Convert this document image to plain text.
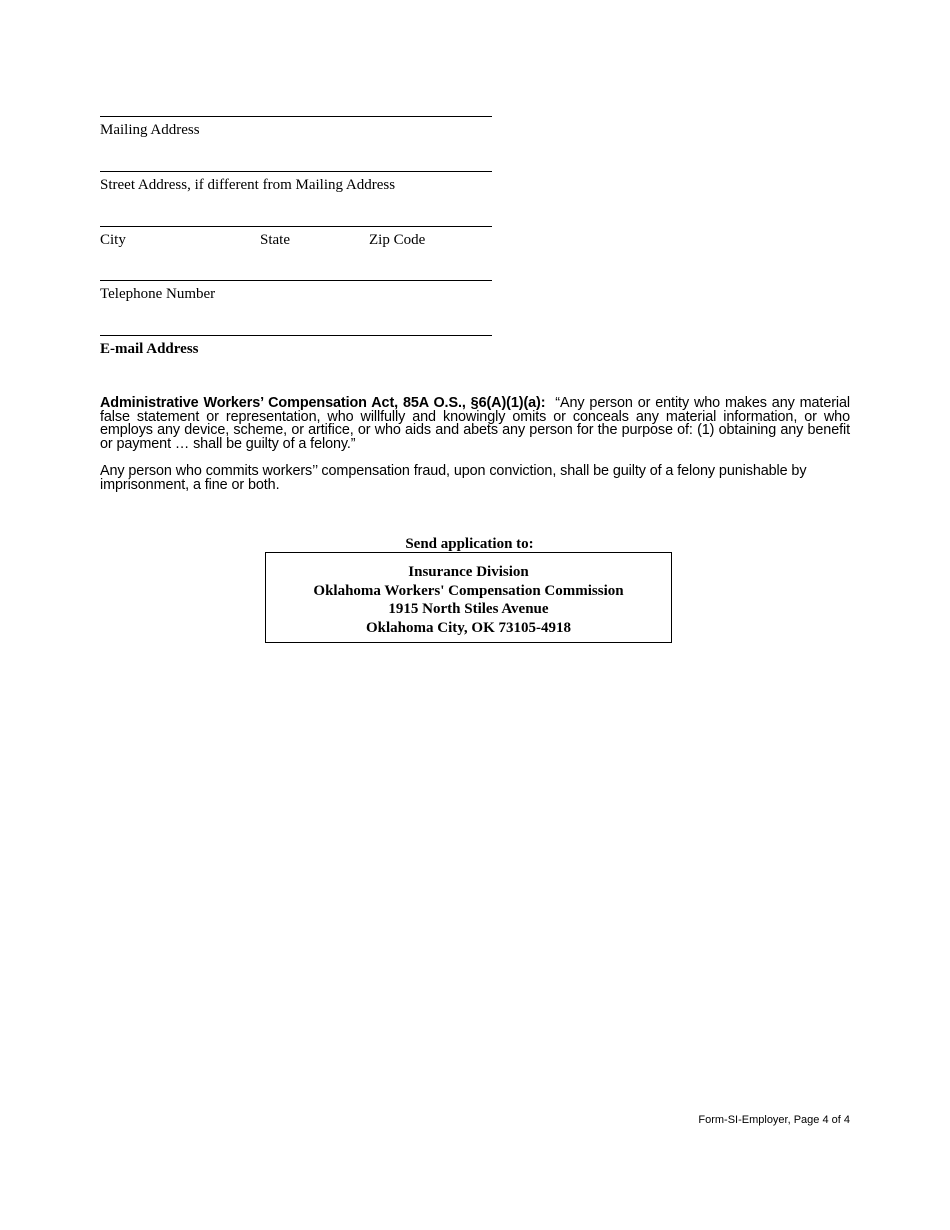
Mailing Address
Street Address, if different from Mailing Address
City	State	Zip Code
Telephone Number
E-mail Address
Administrative Workers’ Compensation Act, 85A O.S., §6(A)(1)(a): “Any person or entity who makes any material false statement or representation, who willfully and knowingly omits or conceals any material information, or who employs any device, scheme, or artifice, or who aids and abets any person for the purpose of: (1) obtaining any benefit or payment … shall be guilty of a felony.”
Any person who commits workers’’ compensation fraud, upon conviction, shall be guilty of a felony punishable by imprisonment, a fine or both.
Send application to:
Insurance Division
Oklahoma Workers' Compensation Commission
1915 North Stiles Avenue
Oklahoma City, OK 73105-4918
Form-SI-Employer, Page 4 of 4
